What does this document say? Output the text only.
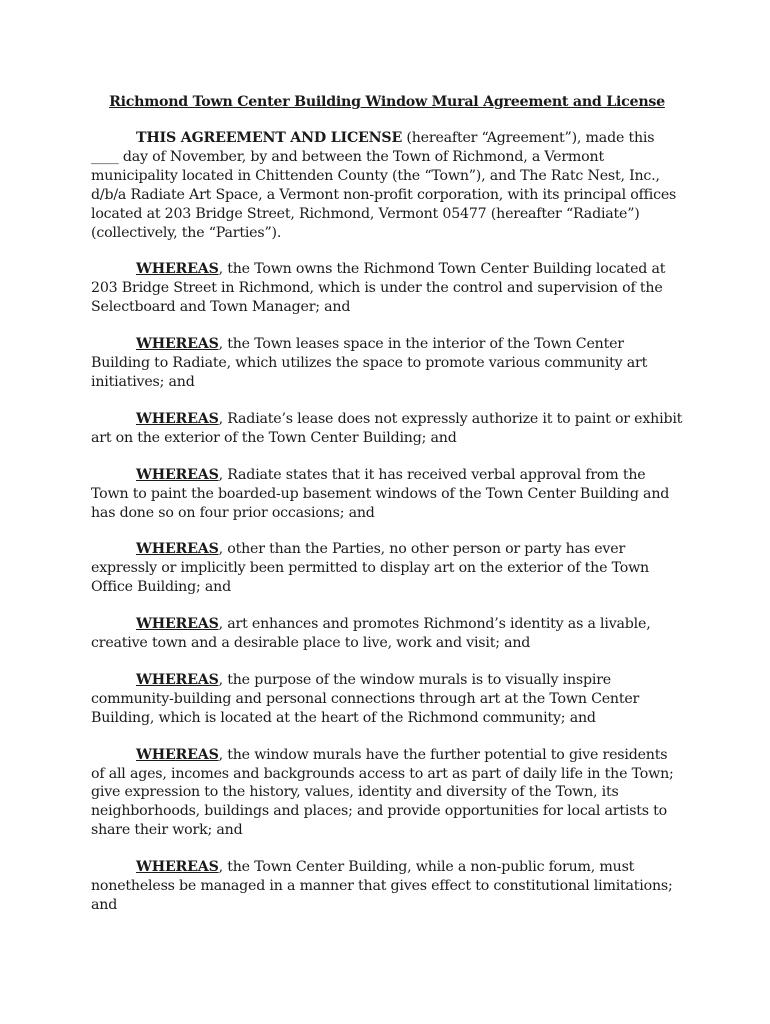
Richmond Town Center Building Window Mural Agreement and License

THIS AGREEMENT AND LICENSE (hereafter “Agreement”), made this ____ day of November, by and between the Town of Richmond, a Vermont municipality located in Chittenden County (the “Town”), and The Ratc Nest, Inc., d/b/a Radiate Art Space, a Vermont non-profit corporation, with its principal offices located at 203 Bridge Street, Richmond, Vermont 05477 (hereafter “Radiate”) (collectively, the “Parties”).

WHEREAS, the Town owns the Richmond Town Center Building located at 203 Bridge Street in Richmond, which is under the control and supervision of the Selectboard and Town Manager; and

WHEREAS, the Town leases space in the interior of the Town Center Building to Radiate, which utilizes the space to promote various community art initiatives; and

WHEREAS, Radiate’s lease does not expressly authorize it to paint or exhibit art on the exterior of the Town Center Building; and

WHEREAS, Radiate states that it has received verbal approval from the Town to paint the boarded-up basement windows of the Town Center Building and has done so on four prior occasions; and

WHEREAS, other than the Parties, no other person or party has ever expressly or implicitly been permitted to display art on the exterior of the Town Office Building; and

WHEREAS, art enhances and promotes Richmond’s identity as a livable, creative town and a desirable place to live, work and visit; and

WHEREAS, the purpose of the window murals is to visually inspire community-building and personal connections through art at the Town Center Building, which is located at the heart of the Richmond community; and

WHEREAS, the window murals have the further potential to give residents of all ages, incomes and backgrounds access to art as part of daily life in the Town; give expression to the history, values, identity and diversity of the Town, its neighborhoods, buildings and places; and provide opportunities for local artists to share their work; and

WHEREAS, the Town Center Building, while a non-public forum, must nonetheless be managed in a manner that gives effect to constitutional limitations; and
